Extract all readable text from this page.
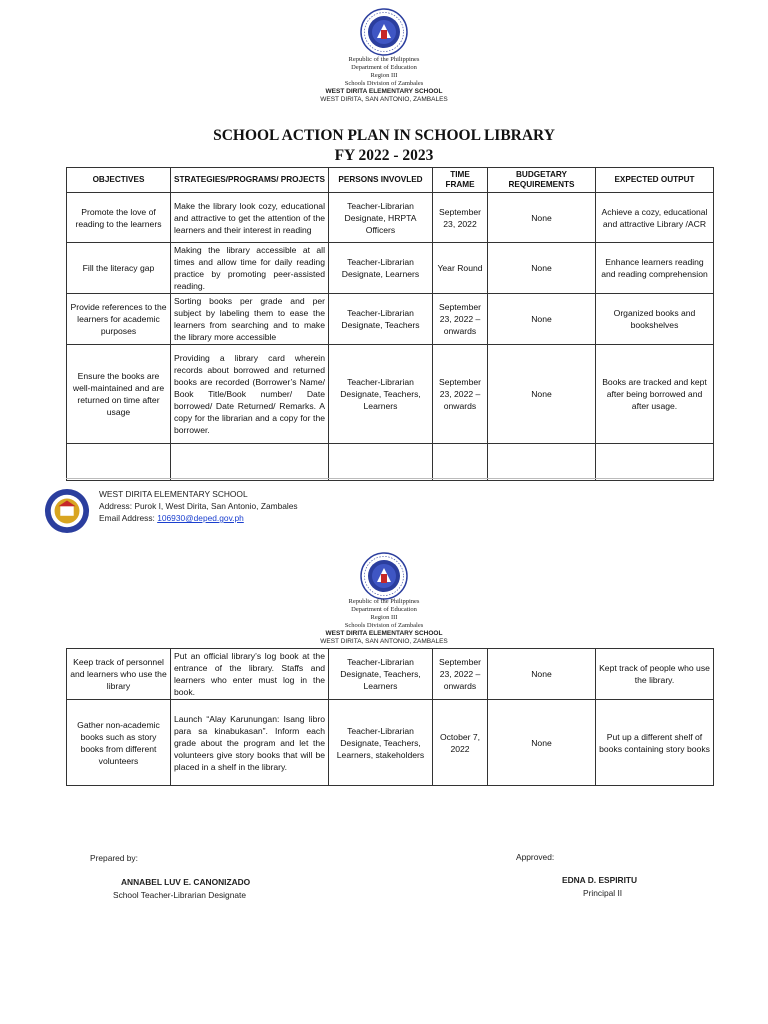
Republic of the Philippines
Department of Education
Region III
Schools Division of Zambales
WEST DIRITA ELEMENTARY SCHOOL
WEST DIRITA, SAN ANTONIO, ZAMBALES
SCHOOL ACTION PLAN IN SCHOOL LIBRARY
FY 2022 - 2023
OBJECTIVES	STRATEGIES/PROGRAMS/ PROJECTS	PERSONS INVOVLED	TIME FRAME	BUDGETARY REQUIREMENTS	EXPECTED OUTPUT
Promote the love of reading to the learners	Make the library look cozy, educational and attractive to get the attention of the learners and their interest in reading	Teacher-Librarian Designate, HRPTA Officers	September 23, 2022	None	Achieve a cozy, educational and attractive Library /ACR
Fill the literacy gap	Making the library accessible at all times and allow time for daily reading practice by promoting peer-assisted reading.	Teacher-Librarian Designate, Learners	Year Round	None	Enhance learners reading and reading comprehension
Provide references to the learners for academic purposes	Sorting books per grade and per subject by labeling them to ease the learners from searching and to make the library more accessible	Teacher-Librarian Designate, Teachers	September 23, 2022 – onwards	None	Organized books and bookshelves
Ensure the books are well-maintained and are returned on time after usage	Providing a library card wherein records about borrowed and returned books are recorded (Borrower’s Name/ Book Title/Book number/ Date borrowed/ Date Returned/ Remarks. A copy for the librarian and a copy for the borrower.	Teacher-Librarian Designate, Teachers, Learners	September 23, 2022 – onwards	None	Books are tracked and kept after being borrowed and after usage.

WEST DIRITA ELEMENTARY SCHOOL
Address: Purok I, West Dirita, San Antonio, Zambales
Email Address: 106930@deped.gov.ph
Republic of the Philippines
Department of Education
Region III
Schools Division of Zambales
WEST DIRITA ELEMENTARY SCHOOL
WEST DIRITA, SAN ANTONIO, ZAMBALES
Keep track of personnel and learners who use the library	Put an official library’s log book at the entrance of the library. Staffs and learners who enter must log in the book.	Teacher-Librarian Designate, Teachers, Learners	September 23, 2022 – onwards	None	Kept track of people who use the library.
Gather non-academic books such as story books from different volunteers	Launch “Alay Karunungan: Isang libro para sa kinabukasan”. Inform each grade about the program and let the volunteers give story books that will be placed in a shelf in the library.	Teacher-Librarian Designate, Teachers, Learners, stakeholders	October 7, 2022	None	Put up a different shelf of books containing story books
Prepared by:
ANNABEL LUV E. CANONIZADO
School Teacher-Librarian Designate
Approved:
EDNA D. ESPIRITU
Principal II
